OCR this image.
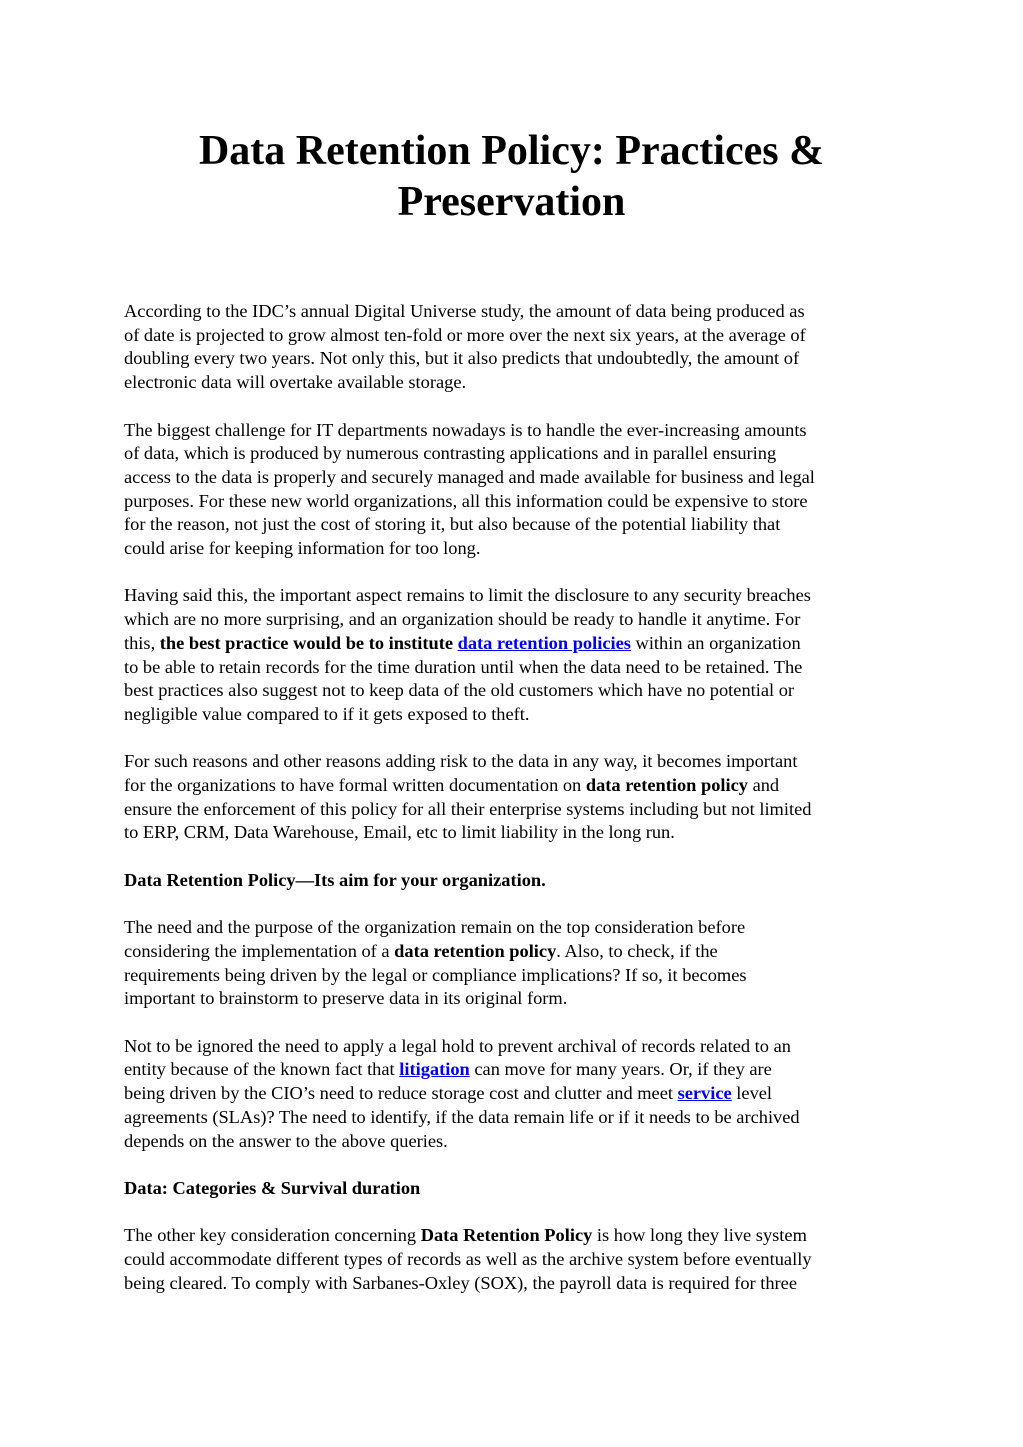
Data Retention Policy: Practices &
Preservation
According to the IDC’s annual Digital Universe study, the amount of data being produced as
of date is projected to grow almost ten-fold or more over the next six years, at the average of
doubling every two years. Not only this, but it also predicts that undoubtedly, the amount of
electronic data will overtake available storage.
The biggest challenge for IT departments nowadays is to handle the ever-increasing amounts
of data, which is produced by numerous contrasting applications and in parallel ensuring
access to the data is properly and securely managed and made available for business and legal
purposes. For these new world organizations, all this information could be expensive to store
for the reason, not just the cost of storing it, but also because of the potential liability that
could arise for keeping information for too long.
Having said this, the important aspect remains to limit the disclosure to any security breaches
which are no more surprising, and an organization should be ready to handle it anytime. For
this, the best practice would be to institute data retention policies within an organization
to be able to retain records for the time duration until when the data need to be retained. The
best practices also suggest not to keep data of the old customers which have no potential or
negligible value compared to if it gets exposed to theft.
For such reasons and other reasons adding risk to the data in any way, it becomes important
for the organizations to have formal written documentation on data retention policy and
ensure the enforcement of this policy for all their enterprise systems including but not limited
to ERP, CRM, Data Warehouse, Email, etc to limit liability in the long run.
Data Retention Policy—Its aim for your organization.
The need and the purpose of the organization remain on the top consideration before
considering the implementation of a data retention policy. Also, to check, if the
requirements being driven by the legal or compliance implications? If so, it becomes
important to brainstorm to preserve data in its original form.
Not to be ignored the need to apply a legal hold to prevent archival of records related to an
entity because of the known fact that litigation can move for many years. Or, if they are
being driven by the CIO’s need to reduce storage cost and clutter and meet service level
agreements (SLAs)? The need to identify, if the data remain life or if it needs to be archived
depends on the answer to the above queries.
Data: Categories & Survival duration
The other key consideration concerning Data Retention Policy is how long they live system
could accommodate different types of records as well as the archive system before eventually
being cleared. To comply with Sarbanes-Oxley (SOX), the payroll data is required for three
